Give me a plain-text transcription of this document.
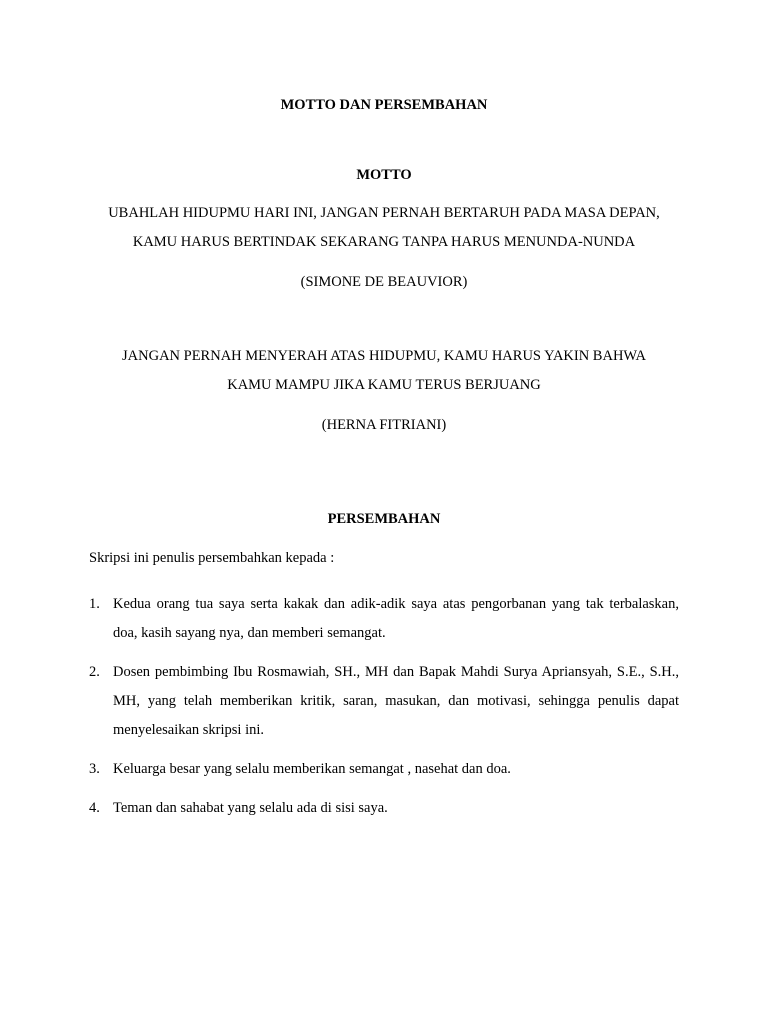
MOTTO DAN PERSEMBAHAN
MOTTO
UBAHLAH HIDUPMU HARI INI, JANGAN PERNAH BERTARUH PADA MASA DEPAN,
KAMU HARUS BERTINDAK SEKARANG TANPA HARUS MENUNDA-NUNDA
(SIMONE DE BEAUVIOR)
JANGAN PERNAH MENYERAH ATAS HIDUPMU, KAMU HARUS YAKIN BAHWA
KAMU MAMPU JIKA KAMU TERUS BERJUANG
(HERNA FITRIANI)
PERSEMBAHAN
Skripsi ini penulis persembahkan kepada :
1. Kedua orang tua saya serta kakak dan adik-adik saya atas pengorbanan yang tak terbalaskan, doa, kasih sayang nya, dan memberi semangat.
2. Dosen pembimbing Ibu Rosmawiah, SH., MH dan Bapak Mahdi Surya Apriansyah, S.E., S.H., MH, yang telah memberikan kritik, saran, masukan, dan motivasi, sehingga penulis dapat menyelesaikan skripsi ini.
3. Keluarga besar yang selalu memberikan semangat , nasehat dan doa.
4. Teman dan sahabat yang selalu ada di sisi saya.
